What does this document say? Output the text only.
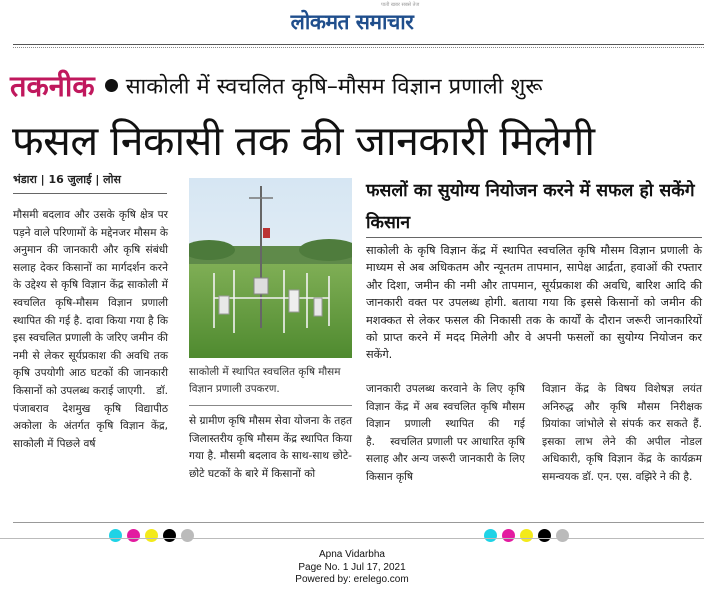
पाती खबर सबसे तेज
लोकमत समाचार
तकनीक साकोली में स्वचलित कृषि–मौसम विज्ञान प्रणाली शुरू
फसल निकासी तक की जानकारी मिलेगी
भंडारा | 16 जुलाई | लोस
मौसमी बदलाव और उसके कृषि क्षेत्र पर पड़ने वाले परिणामों के मद्देनजर मौसम के अनुमान की जानकारी और कृषि संबंधी सलाह देकर किसानों का मार्गदर्शन करने के उद्देश्य से कृषि विज्ञान केंद्र साकोली में स्वचलित कृषि-मौसम विज्ञान प्रणाली स्थापित की गई है. दावा किया गया है कि इस स्वचलित प्रणाली के जरिए जमीन की नमी से लेकर सूर्यप्रकाश की अवधि तक कृषि उपयोगी आठ घटकों की जानकारी किसानों को उपलब्ध कराई जाएगी.   डॉ. पंजाबराव देशमुख कृषि विद्यापीठ अकोला के अंतर्गत कृषि विज्ञान केंद्र, साकोली में पिछले वर्ष
साकोली में स्थापित स्वचलित कृषि मौसम विज्ञान प्रणाली उपकरण.
से ग्रामीण कृषि मौसम सेवा योजना के तहत जिलास्तरीय कृषि मौसम केंद्र स्थापित किया गया है. मौसमी बदलाव के साथ-साथ छोटे-छोटे घटकों के बारे में किसानों को
फसलों का सुयोग्य नियोजन करने में सफल हो सकेंगे किसान
साकोली के कृषि विज्ञान केंद्र में स्थापित स्वचलित कृषि मौसम विज्ञान प्रणाली के माध्यम से अब अधिकतम और न्यूनतम तापमान, सापेक्ष आर्द्रता, हवाओं की रफ्तार और दिशा, जमीन की नमी और तापमान, सूर्यप्रकाश की अवधि, बारिश आदि की जानकारी वक्त पर उपलब्ध होगी. बताया गया कि इससे किसानों को जमीन की मशक्कत से लेकर फसल की निकासी तक के कार्यों के दौरान जरूरी जानकारियों को प्राप्त करने में मदद मिलेगी और वे अपनी फसलों का सुयोग्य नियोजन कर सकेंगे.
जानकारी उपलब्ध करवाने के लिए कृषि विज्ञान केंद्र में अब स्वचलित कृषि मौसम विज्ञान प्रणाली स्थापित की गई है.    स्वचलित प्रणाली पर आधारित कृषि सलाह और अन्य जरूरी जानकारी के लिए किसान कृषि
विज्ञान केंद्र के विषय विशेषज्ञ लयंत अनिरुद्ध और कृषि मौसम निरीक्षक प्रियांका जांभोले से संपर्क कर सकते हैं. इसका लाभ लेने की अपील नोडल अधिकारी, कृषि विज्ञान केंद्र के कार्यक्रम समन्वयक डॉ. एन. एस. वझिरे ने की है.
Apna Vidarbha
Page No. 1 Jul 17, 2021
Powered by: erelego.com
